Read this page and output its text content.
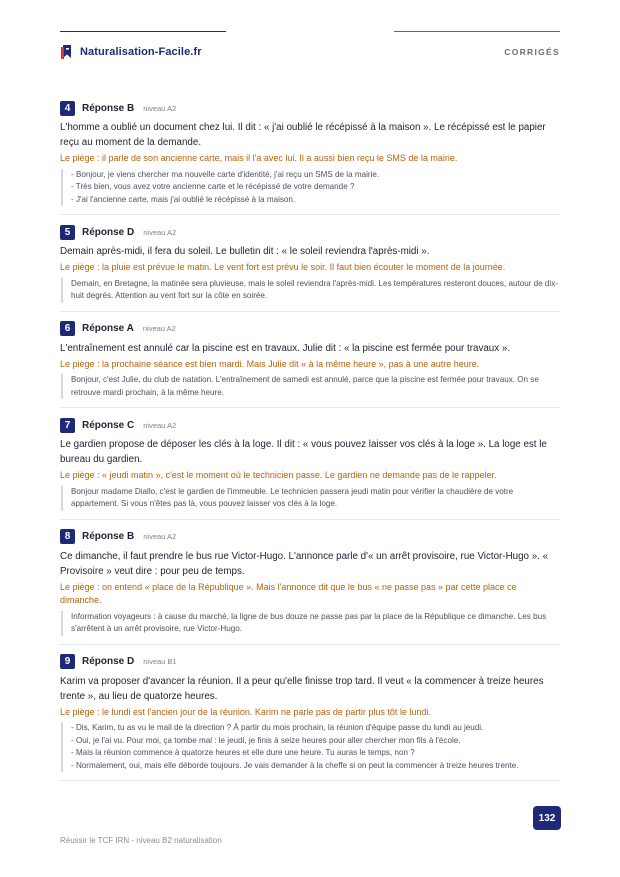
Naturalisation-Facile.fr	CORRIGÉS
4	Réponse B niveau A2
L'homme a oublié un document chez lui. Il dit : « j'ai oublié le récépissé à la maison ». Le récépissé est le papier reçu au moment de la demande.
Le piège : il parle de son ancienne carte, mais il l'a avec lui. Il a aussi bien reçu le SMS de la mairie.
- Bonjour, je viens chercher ma nouvelle carte d'identité, j'ai reçu un SMS de la mairie.
- Très bien, vous avez votre ancienne carte et le récépissé de votre demande ?
- J'ai l'ancienne carte, mais j'ai oublié le récépissé à la maison.
5	Réponse D niveau A2
Demain après-midi, il fera du soleil. Le bulletin dit : « le soleil reviendra l'après-midi ».
Le piège : la pluie est prévue le matin. Le vent fort est prévu le soir. Il faut bien écouter le moment de la journée.
Demain, en Bretagne, la matinée sera pluvieuse, mais le soleil reviendra l'après-midi. Les températures resteront douces, autour de dix-huit degrés. Attention au vent fort sur la côte en soirée.
6	Réponse A niveau A2
L'entraînement est annulé car la piscine est en travaux. Julie dit : « la piscine est fermée pour travaux ».
Le piège : la prochaine séance est bien mardi. Mais Julie dit « à la même heure », pas à une autre heure.
Bonjour, c'est Julie, du club de natation. L'entraînement de samedi est annulé, parce que la piscine est fermée pour travaux. On se retrouve mardi prochain, à la même heure.
7	Réponse C niveau A2
Le gardien propose de déposer les clés à la loge. Il dit : « vous pouvez laisser vos clés à la loge ». La loge est le bureau du gardien.
Le piège : « jeudi matin », c'est le moment où le technicien passe. Le gardien ne demande pas de le rappeler.
Bonjour madame Diallo, c'est le gardien de l'immeuble. Le technicien passera jeudi matin pour vérifier la chaudière de votre appartement. Si vous n'êtes pas là, vous pouvez laisser vos clés à la loge.
8	Réponse B niveau A2
Ce dimanche, il faut prendre le bus rue Victor-Hugo. L'annonce parle d'« un arrêt provisoire, rue Victor-Hugo ». « Provisoire » veut dire : pour peu de temps.
Le piège : on entend « place de la République ». Mais l'annonce dit que le bus « ne passe pas » par cette place ce dimanche.
Information voyageurs : à cause du marché, la ligne de bus douze ne passe pas par la place de la République ce dimanche. Les bus s'arrêtent à un arrêt provisoire, rue Victor-Hugo.
9	Réponse D niveau B1
Karim va proposer d'avancer la réunion. Il a peur qu'elle finisse trop tard. Il veut « la commencer à treize heures trente », au lieu de quatorze heures.
Le piège : le lundi est l'ancien jour de la réunion. Karim ne parle pas de partir plus tôt le lundi.
- Dis, Karim, tu as vu le mail de la direction ? À partir du mois prochain, la réunion d'équipe passe du lundi au jeudi.
- Oui, je l'ai vu. Pour moi, ça tombe mal : le jeudi, je finis à seize heures pour aller chercher mon fils à l'école.
- Mais la réunion commence à quatorze heures et elle dure une heure. Tu auras le temps, non ?
- Normalement, oui, mais elle déborde toujours. Je vais demander à la cheffe si on peut la commencer à treize heures trente.
132
Réussir le TCF IRN - niveau B2 naturalisation
